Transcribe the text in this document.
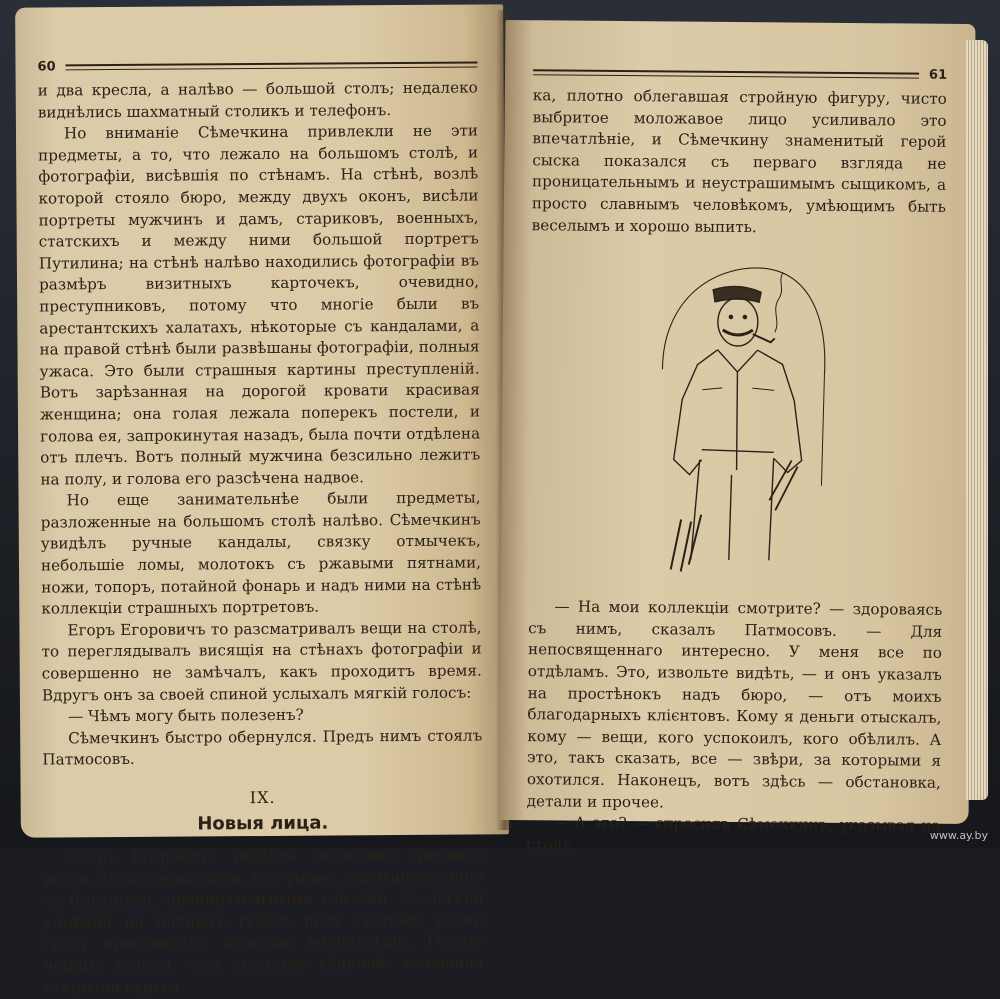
60

и два кресла, а налѣво — большой столъ; недалеко виднѣлись шахматный столикъ и телефонъ.

Но вниманіе Сѣмечкина привлекли не эти предметы, а то, что лежало на большомъ столѣ, и фотографіи, висѣвшія по стѣнамъ. На стѣнѣ, возлѣ которой стояло бюро, между двухъ оконъ, висѣли портреты мужчинъ и дамъ, стариковъ, военныхъ, статскихъ и между ними большой портретъ Путилина; на стѣнѣ налѣво находились фотографіи въ размѣръ визитныхъ карточекъ, очевидно, преступниковъ, потому что многіе были въ арестантскихъ халатахъ, нѣкоторые съ кандалами, а на правой стѣнѣ были развѣшаны фотографіи, полныя ужаса. Это были страшныя картины преступленій. Вотъ зарѣзанная на дорогой кровати красивая женщина; она голая лежала поперекъ постели, и голова ея, запрокинутая назадъ, была почти отдѣлена отъ плечъ. Вотъ полный мужчина безсильно лежитъ на полу, и голова его разсѣчена надвое.

Но еще занимательнѣе были предметы, разложенные на большомъ столѣ налѣво. Сѣмечкинъ увидѣлъ ручные кандалы, связку отмычекъ, небольшіе ломы, молотокъ съ ржавыми пятнами, ножи, топоръ, потайной фонарь и надъ ними на стѣнѣ коллекціи страшныхъ портретовъ.

Егоръ Егоровичъ то разсматривалъ вещи на столѣ, то переглядывалъ висящія на стѣнахъ фотографіи и совершенно не замѣчалъ, какъ проходитъ время. Вдругъ онъ за своей спиной услыхалъ мягкій голосъ:

— Чѣмъ могу быть полезенъ?

Сѣмечкинъ быстро обернулся. Предъ нимъ стоялъ Патмосовъ.

IX.
Новыя лица.

Егоръ Егоровичъ увидѣлъ господина средняго роста, лѣтъ сорока пяти. Его умное, энергичное лицо съ быстрыми, проницательными глазами, съ легкой улыбкой на полныхъ губахъ подъ густыми усами сразу производило пріятное впечатлѣніе. Густые черные волосы, чуть тронутые сѣдиной, домашняя открытая куртка,

61

ка, плотно облегавшая стройную фигуру, чисто выбритое моложавое лицо усиливало это впечатлѣніе, и Сѣмечкину знаменитый герой сыска показался съ перваго взгляда не проницательнымъ и неустрашимымъ сыщикомъ, а просто славнымъ человѣкомъ, умѣющимъ быть веселымъ и хорошо выпить.

— На мои коллекціи смотрите? — здороваясь съ нимъ, сказалъ Патмосовъ. — Для непосвященнаго интересно. У меня все по отдѣламъ. Это, извольте видѣть, — и онъ указалъ на простѣнокъ надъ бюро, — отъ моихъ благодарныхъ клієнтовъ. Кому я деньги отыскалъ, кому — вещи, кого успокоилъ, кого обѣлилъ. А это, такъ сказать, все — звѣри, за которыми я охотился. Наконецъ, вотъ здѣсь — обстановка, детали и прочее.

— А это? — спросилъ Сѣмечкинъ, указывая на столъ.	www.ay.by
